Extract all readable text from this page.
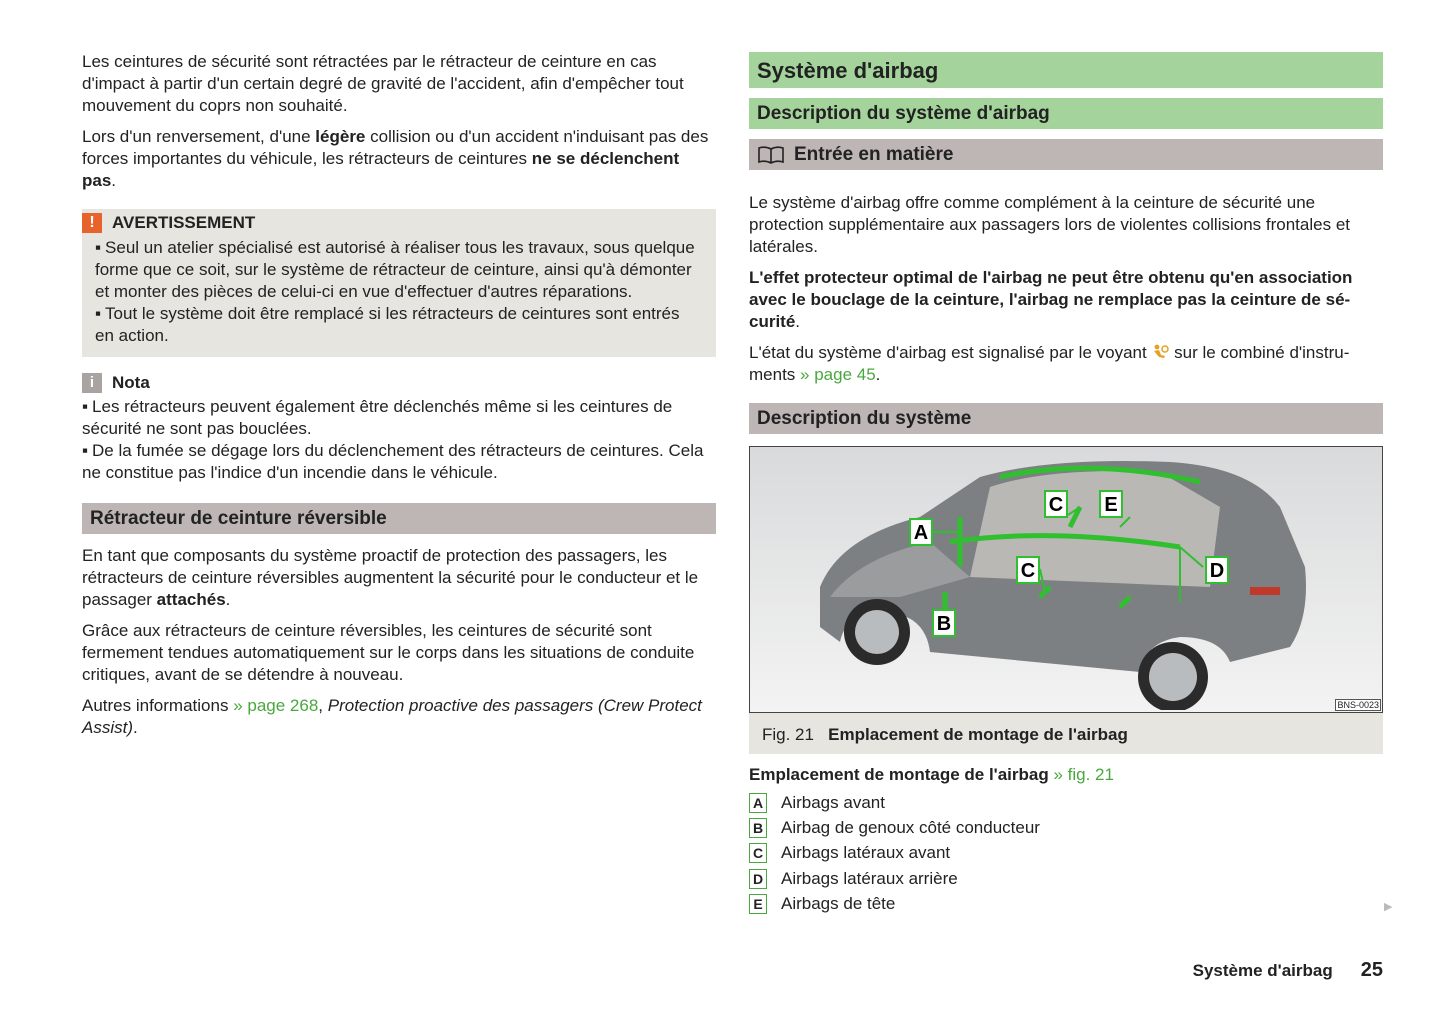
Les ceintures de sécurité sont rétractées par le rétracteur de ceinture en cas d'impact à partir d'un certain degré de gravité de l'accident, afin d'empêcher tout mouvement du coprs non souhaité.

Lors d'un renversement, d'une légère collision ou d'un accident n'induisant pas des forces importantes du véhicule, les rétracteurs de ceintures ne se déclenchent pas.

!	AVERTISSEMENT
▪ Seul un atelier spécialisé est autorisé à réaliser tous les travaux, sous quelque forme que ce soit, sur le système de rétracteur de ceinture, ainsi qu'à démonter et monter des pièces de celui-ci en vue d'effectuer d'autres réparations.
▪ Tout le système doit être remplacé si les rétracteurs de ceintures sont entrés en action.
i	Nota
▪ Les rétracteurs peuvent également être déclenchés même si les ceintures de sécurité ne sont pas bouclées.
▪ De la fumée se dégage lors du déclenchement des rétracteurs de ceintures. Cela ne constitue pas l'indice d'un incendie dans le véhicule.
Rétracteur de ceinture réversible

En tant que composants du système proactif de protection des passagers, les rétracteurs de ceinture réversibles augmentent la sécurité pour le conducteur et le passager attachés.

Grâce aux rétracteurs de ceinture réversibles, les ceintures de sécurité sont fermement tendues automatiquement sur le corps dans les situations de conduite critiques, avant de se détendre à nouveau.

Autres informations » page 268, Protection proactive des passagers (Crew Protect Assist).

Système d'airbag
Description du système d'airbag
Entrée en matière

Le système d'airbag offre comme complément à la ceinture de sécurité une protection supplémentaire aux passagers lors de violentes collisions frontales et latérales.

L'effet protecteur optimal de l'airbag ne peut être obtenu qu'en association avec le bouclage de la ceinture, l'airbag ne remplace pas la ceinture de sécurité.

L'état du système d'airbag est signalisé par le voyant  sur le combiné d'instruments » page 45.

Description du système
A
B
C
C	D
E
BNS-0023
Fig. 21 Emplacement de montage de l'airbag
Emplacement de montage de l'airbag » fig. 21
A Airbags avant
B Airbag de genoux côté conducteur
C Airbags latéraux avant
D Airbags latéraux arrière
E Airbags de tête	▶
Système d'airbag 25
